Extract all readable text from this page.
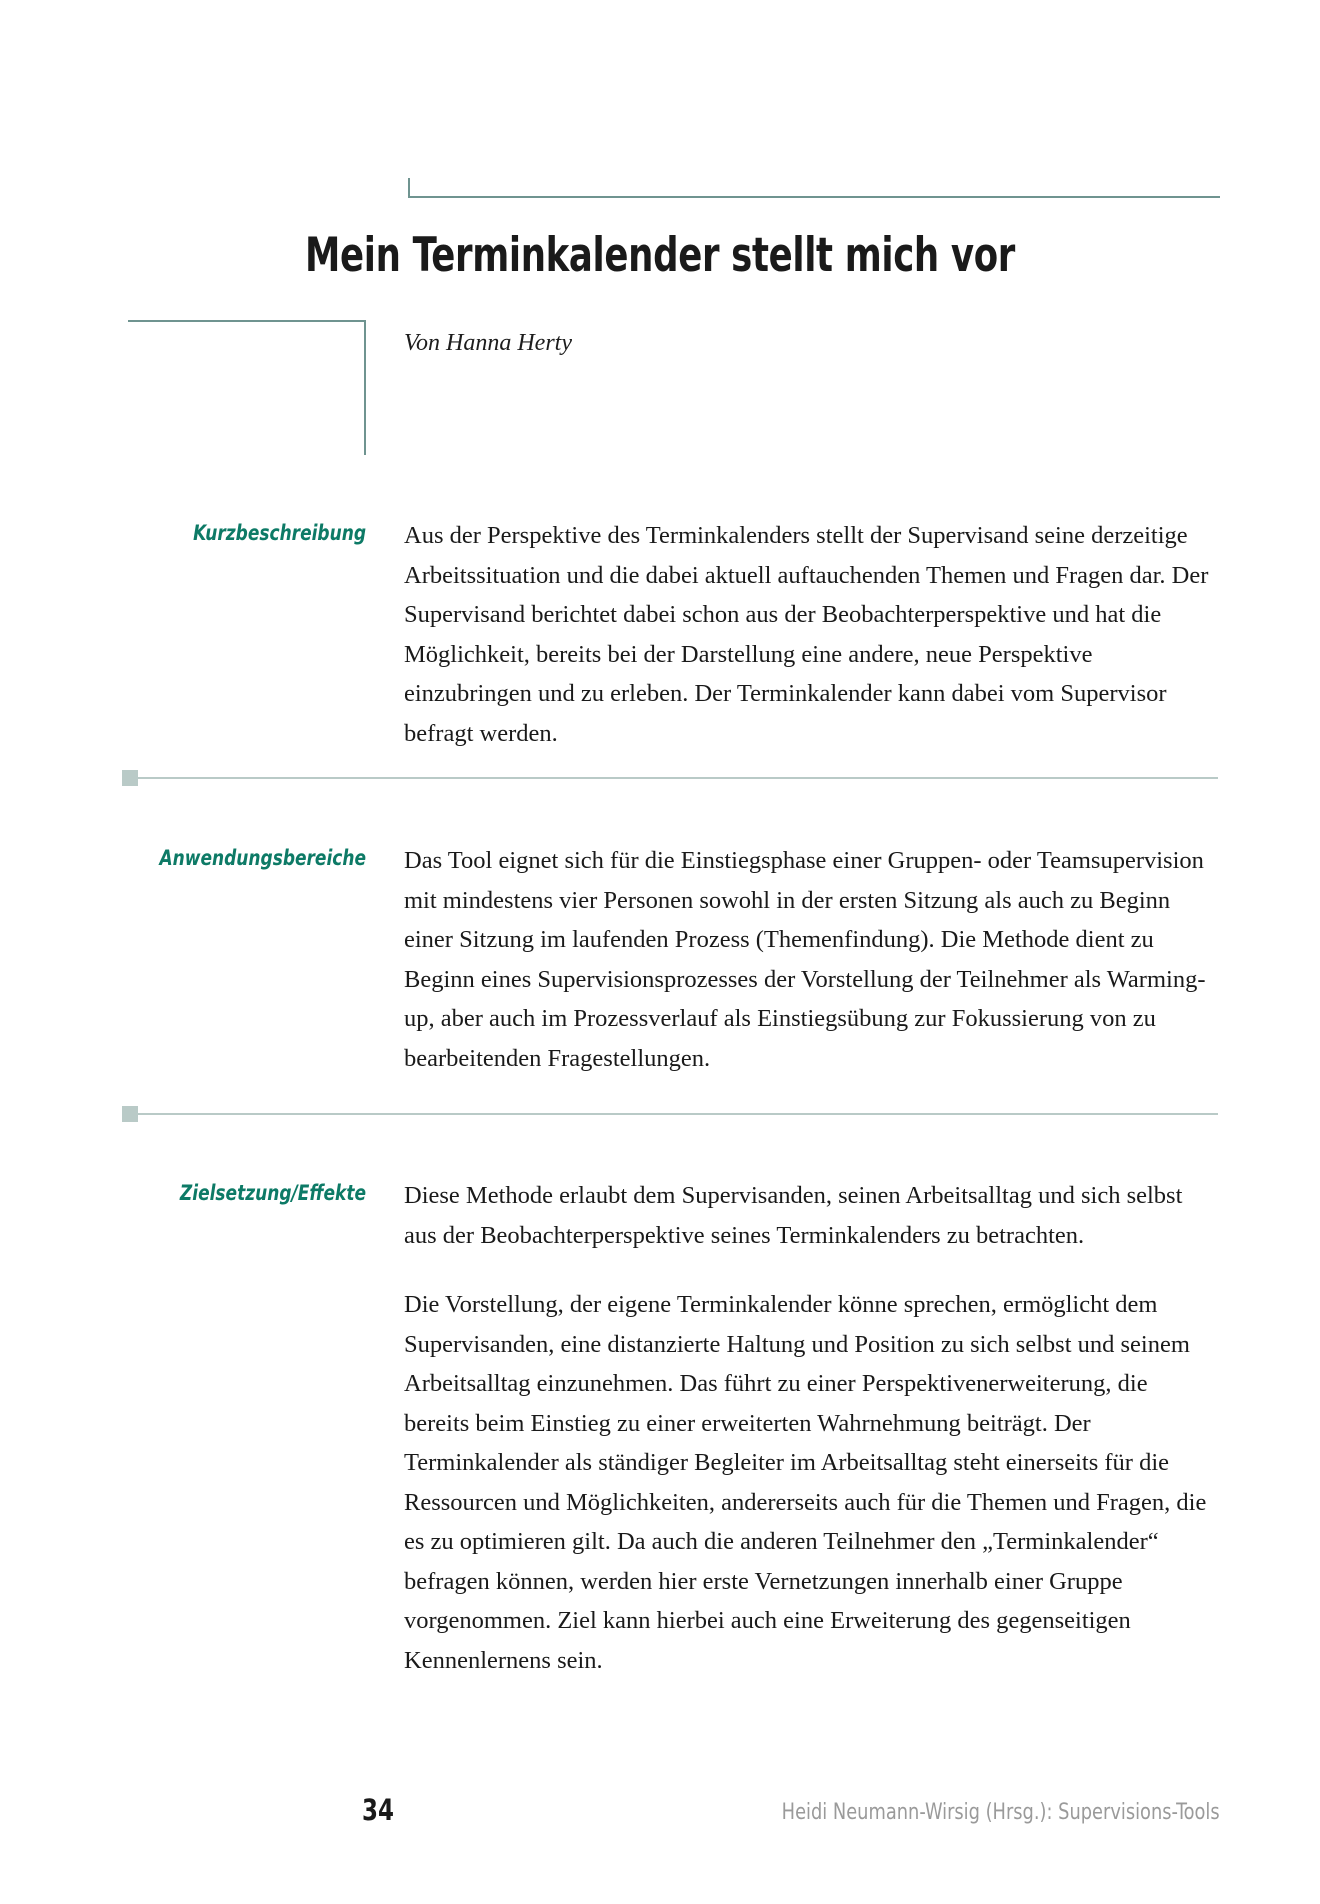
Mein Terminkalender stellt mich vor
Von Hanna Herty
Kurzbeschreibung Aus der Perspektive des Terminkalenders stellt der Supervisand seine derzeitige Arbeitssituation und die dabei aktuell auftauchenden Themen und Fragen dar. Der Supervisand berichtet dabei schon aus der Beobachterperspektive und hat die Möglichkeit, bereits bei der Darstellung eine andere, neue Perspektive einzubringen und zu erleben. Der Terminkalender kann dabei vom Supervisor befragt werden.

Anwendungsbereiche Das Tool eignet sich für die Einstiegsphase einer Gruppen- oder Teamsupervision mit mindestens vier Personen sowohl in der ersten Sitzung als auch zu Beginn einer Sitzung im laufenden Prozess (Themenfindung). Die Methode dient zu Beginn eines Supervisionsprozesses der Vorstellung der Teilnehmer als Warming-up, aber auch im Prozessverlauf als Einstiegsübung zur Fokussierung von zu bearbeitenden Fragestellungen.

Zielsetzung/Effekte Diese Methode erlaubt dem Supervisanden, seinen Arbeitsalltag und sich selbst aus der Beobachterperspektive seines Terminkalenders zu betrachten.

Die Vorstellung, der eigene Terminkalender könne sprechen, ermöglicht dem Supervisanden, eine distanzierte Haltung und Position zu sich selbst und seinem Arbeitsalltag einzunehmen. Das führt zu einer Perspektivenerweiterung, die bereits beim Einstieg zu einer erweiterten Wahrnehmung beiträgt. Der Terminkalender als ständiger Begleiter im Arbeitsalltag steht einerseits für die Ressourcen und Möglichkeiten, andererseits auch für die Themen und Fragen, die es zu optimieren gilt. Da auch die anderen Teilnehmer den „Terminkalender“ befragen können, werden hier erste Vernetzungen innerhalb einer Gruppe vorgenommen. Ziel kann hierbei auch eine Erweiterung des gegenseitigen Kennenlernens sein.

34	Heidi Neumann-Wirsig (Hrsg.): Supervisions-Tools
